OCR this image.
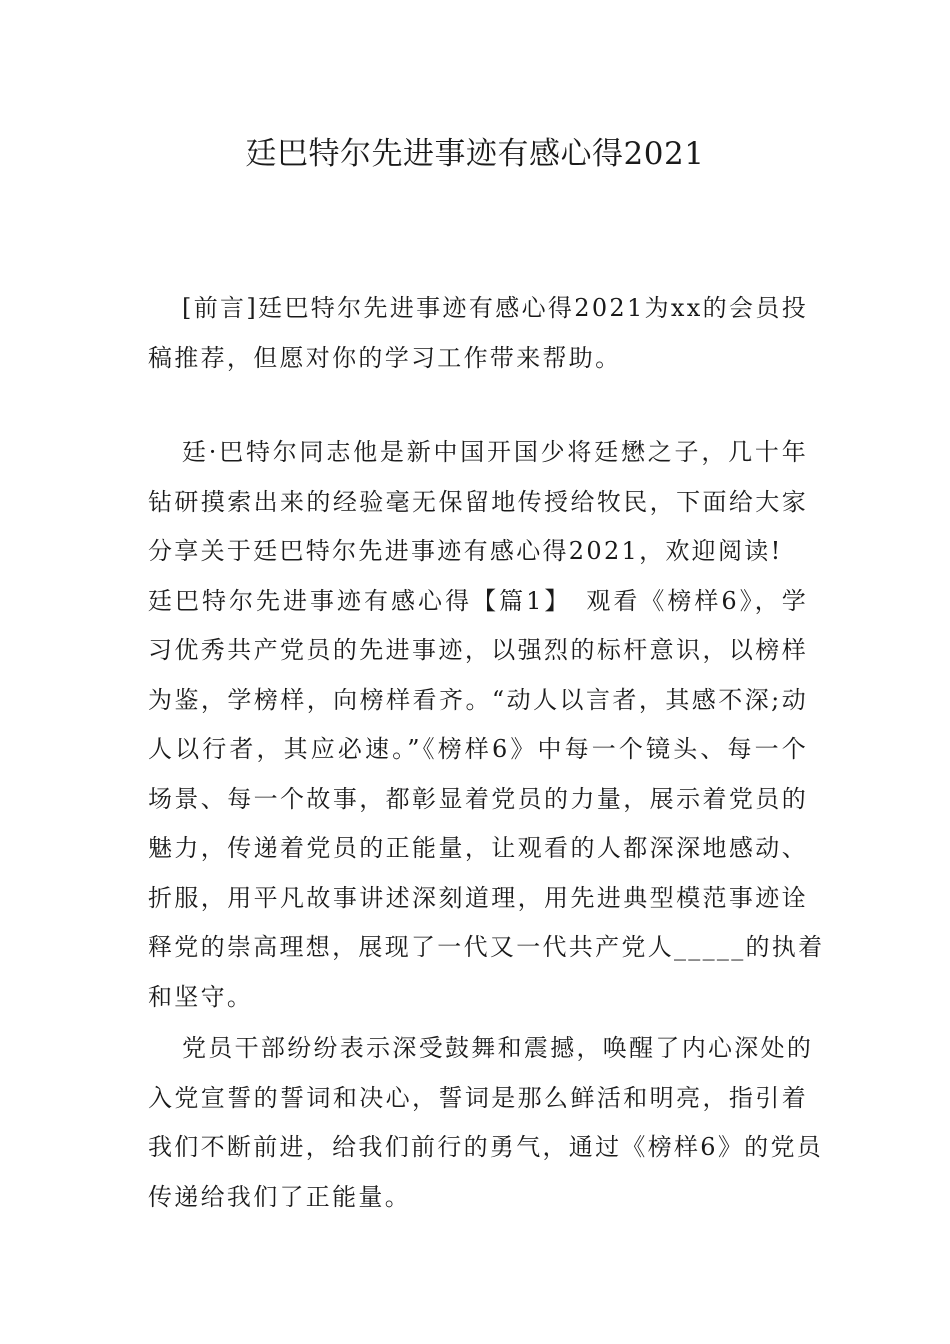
廷巴特尔先进事迹有感心得2021
[前言]廷巴特尔先进事迹有感心得2021为xx的会员投
稿推荐，但愿对你的学习工作带来帮助。
廷·巴特尔同志他是新中国开国少将廷懋之子，几十年
钻研摸索出来的经验毫无保留地传授给牧民，下面给大家
分享关于廷巴特尔先进事迹有感心得2021，欢迎阅读!
廷巴特尔先进事迹有感心得【篇1】　观看《榜样6》，学
习优秀共产党员的先进事迹，以强烈的标杆意识，以榜样
为鉴，学榜样，向榜样看齐。“动人以言者，其感不深;动
人以行者，其应必速。”《榜样6》中每一个镜头、每一个
场景、每一个故事，都彰显着党员的力量，展示着党员的
魅力，传递着党员的正能量，让观看的人都深深地感动、
折服，用平凡故事讲述深刻道理，用先进典型模范事迹诠
释党的崇高理想，展现了一代又一代共产党人_____的执着
和坚守。
党员干部纷纷表示深受鼓舞和震撼，唤醒了内心深处的
入党宣誓的誓词和决心，誓词是那么鲜活和明亮，指引着
我们不断前进，给我们前行的勇气，通过《榜样6》的党员
传递给我们了正能量。
